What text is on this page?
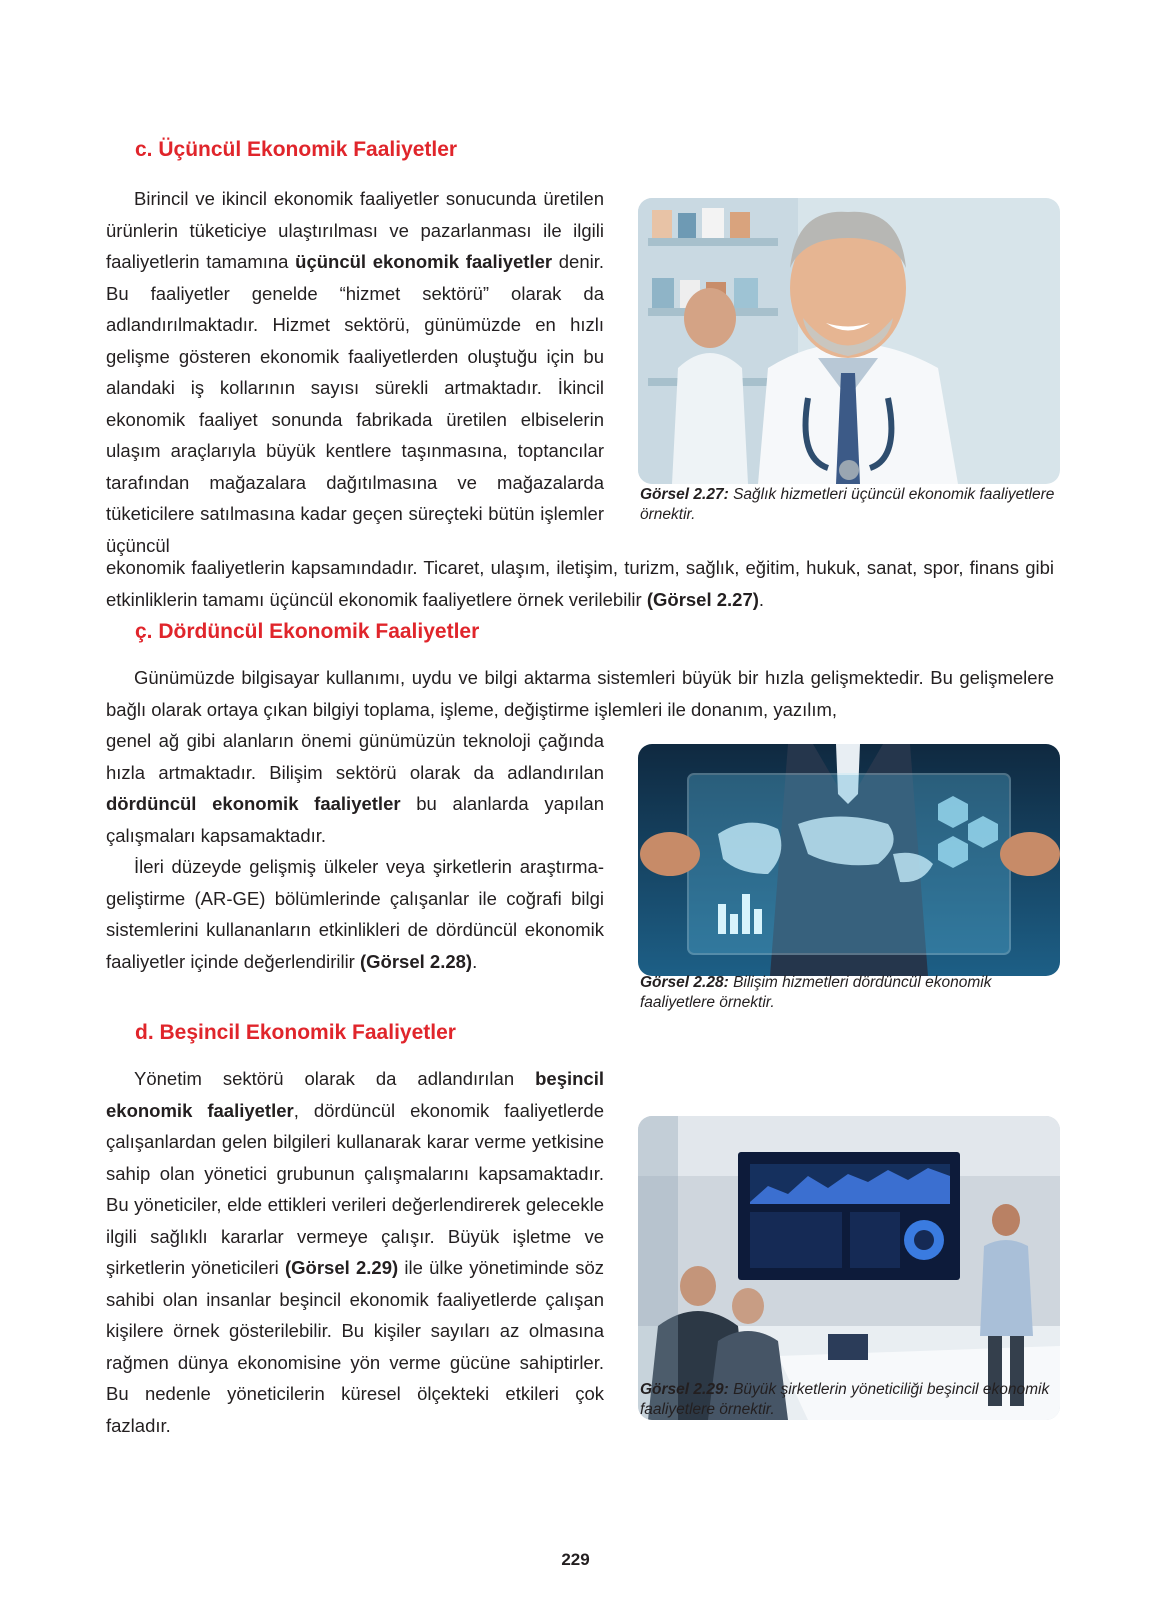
c. Üçüncül Ekonomik Faaliyetler

Birincil ve ikincil ekonomik faaliyetler sonucunda üretilen ürünlerin tüketiciye ulaştırılması ve pazarlanması ile ilgili faaliyetlerin tamamına üçüncül ekonomik faaliyetler denir. Bu faaliyetler genelde “hizmet sektörü” olarak da adlandırılmaktadır. Hizmet sektörü, günümüzde en hızlı gelişme gösteren ekonomik faaliyetlerden oluştuğu için bu alandaki iş kollarının sayısı sürekli artmaktadır. İkincil ekonomik faaliyet sonunda fabrikada üretilen elbiselerin ulaşım araçlarıyla büyük kentlere taşınmasına, toptancılar tarafından mağazalara dağıtılmasına ve mağazalarda tüketicilere satılmasına kadar geçen süreçteki bütün işlemler üçüncül

ekonomik faaliyetlerin kapsamındadır. Ticaret, ulaşım, iletişim, turizm, sağlık, eğitim, hukuk, sanat, spor, finans gibi etkinliklerin tamamı üçüncül ekonomik faaliyetlere örnek verilebilir (Görsel 2.27).

Görsel 2.27: Sağlık hizmetleri üçüncül ekonomik faaliyetlere örnektir.

ç. Dördüncül Ekonomik Faaliyetler

Günümüzde bilgisayar kullanımı, uydu ve bilgi aktarma sistemleri büyük bir hızla gelişmektedir. Bu gelişmelere bağlı olarak ortaya çıkan bilgiyi toplama, işleme, değiştirme işlemleri ile donanım, yazılım,

genel ağ gibi alanların önemi günümüzün teknoloji çağında hızla artmaktadır. Bilişim sektörü olarak da adlandırılan dördüncül ekonomik faaliyetler bu alanlarda yapılan çalışmaları kapsamaktadır.

İleri düzeyde gelişmiş ülkeler veya şirketlerin araştırma-geliştirme (AR-GE) bölümlerinde çalışanlar ile coğrafi bilgi sistemlerini kullananların etkinlikleri de dördüncül ekonomik faaliyetler içinde değerlendirilir (Görsel 2.28).

Görsel 2.28: Bilişim hizmetleri dördüncül ekonomik faaliyetlere örnektir.

d. Beşincil Ekonomik Faaliyetler

Yönetim sektörü olarak da adlandırılan beşincil ekonomik faaliyetler, dördüncül ekonomik faaliyetlerde çalışanlardan gelen bilgileri kullanarak karar verme yetkisine sahip olan yönetici grubunun çalışmalarını kapsamaktadır. Bu yöneticiler, elde ettikleri verileri değerlendirerek gelecekle ilgili sağlıklı kararlar vermeye çalışır. Büyük işletme ve şirketlerin yöneticileri (Görsel 2.29) ile ülke yönetiminde söz sahibi olan insanlar beşincil ekonomik faaliyetlerde çalışan kişilere örnek gösterilebilir. Bu kişiler sayıları az olmasına rağmen dünya ekonomisine yön verme gücüne sahiptirler. Bu nedenle yöneticilerin küresel ölçekteki etkileri çok fazladır.

Görsel 2.29: Büyük şirketlerin yöneticiliği beşincil ekonomik faaliyetlere örnektir.

229
